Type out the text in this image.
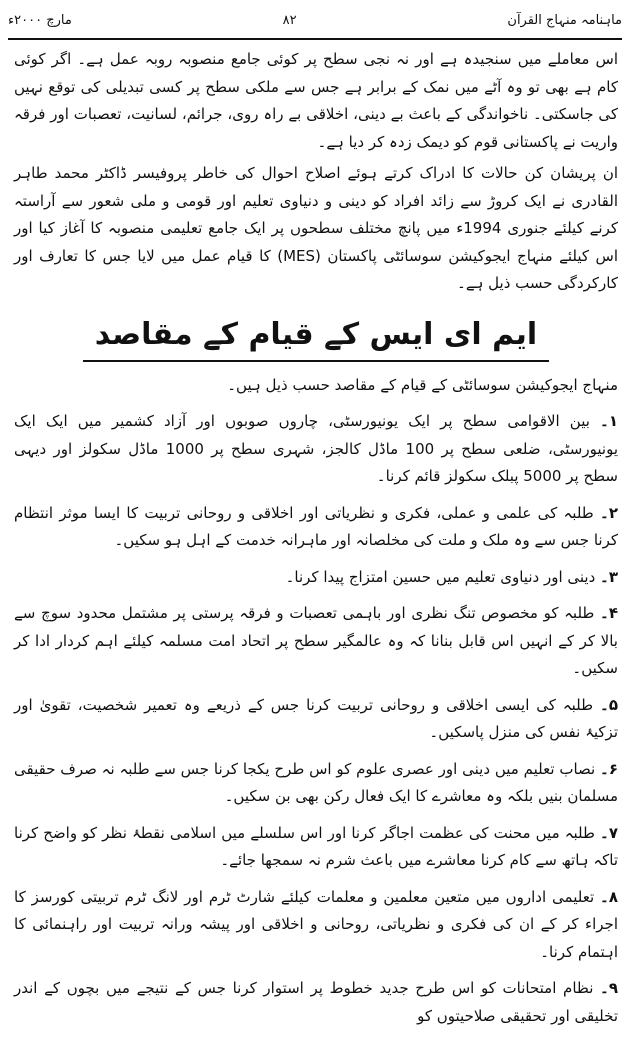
مارچ ۲۰۰۰ء	۸۲	ماہنامہ منہاج القرآن

اس معاملے میں سنجیدہ ہے اور نہ نجی سطح پر کوئی جامع منصوبہ روبہ عمل ہے۔ اگر کوئی کام ہے بھی تو وہ آٹے میں نمک کے برابر ہے جس سے ملکی سطح پر کسی تبدیلی کی توقع نہیں کی جاسکتی۔ ناخواندگی کے باعث بے دینی، اخلاقی بے راہ روی، جرائم، لسانیت، تعصبات اور فرقہ واریت نے پاکستانی قوم کو دیمک زدہ کر دیا ہے۔

ان پریشان کن حالات کا ادراک کرتے ہوئے اصلاح احوال کی خاطر پروفیسر ڈاکٹر محمد طاہر القادری نے ایک کروڑ سے زائد افراد کو دینی و دنیاوی تعلیم اور قومی و ملی شعور سے آراستہ کرنے کیلئے جنوری 1994ء میں پانچ مختلف سطحوں پر ایک جامع تعلیمی منصوبہ کا آغاز کیا اور اس کیلئے منہاج ایجوکیشن سوسائٹی پاکستان (MES) کا قیام عمل میں لایا جس کا تعارف اور کارکردگی حسب ذیل ہے۔

ایم ای ایس کے قیام کے مقاصد

منہاج ایجوکیشن سوسائٹی کے قیام کے مقاصد حسب ذیل ہیں۔

۱۔ بین الاقوامی سطح پر ایک یونیورسٹی، چاروں صوبوں اور آزاد کشمیر میں ایک ایک یونیورسٹی، ضلعی سطح پر 100 ماڈل کالجز، شہری سطح پر 1000 ماڈل سکولز اور دیہی سطح پر 5000 پبلک سکولز قائم کرنا۔

۲۔ طلبہ کی علمی و عملی، فکری و نظریاتی اور اخلاقی و روحانی تربیت کا ایسا موثر انتظام کرنا جس سے وہ ملک و ملت کی مخلصانہ اور ماہرانہ خدمت کے اہل ہو سکیں۔

۳۔ دینی اور دنیاوی تعلیم میں حسین امتزاج پیدا کرنا۔

۴۔ طلبہ کو مخصوص تنگ نظری اور باہمی تعصبات و فرقہ پرستی پر مشتمل محدود سوچ سے بالا کر کے انہیں اس قابل بنانا کہ وہ عالمگیر سطح پر اتحاد امت مسلمہ کیلئے اہم کردار ادا کر سکیں۔

۵۔ طلبہ کی ایسی اخلاقی و روحانی تربیت کرنا جس کے ذریعے وہ تعمیر شخصیت، تقویٰ اور تزکیۂ نفس کی منزل پاسکیں۔

۶۔ نصاب تعلیم میں دینی اور عصری علوم کو اس طرح یکجا کرنا جس سے طلبہ نہ صرف حقیقی مسلمان بنیں بلکہ وہ معاشرے کا ایک فعال رکن بھی بن سکیں۔

۷۔ طلبہ میں محنت کی عظمت اجاگر کرنا اور اس سلسلے میں اسلامی نقطۂ نظر کو واضح کرنا تاکہ ہاتھ سے کام کرنا معاشرے میں باعث شرم نہ سمجھا جائے۔

۸۔ تعلیمی اداروں میں متعین معلمین و معلمات کیلئے شارٹ ٹرم اور لانگ ٹرم تربیتی کورسز کا اجراء کر کے ان کی فکری و نظریاتی، روحانی و اخلاقی اور پیشہ ورانہ تربیت اور راہنمائی کا اہتمام کرنا۔

۹۔ نظام امتحانات کو اس طرح جدید خطوط پر استوار کرنا جس کے نتیجے میں بچوں کے اندر تخلیقی اور تحقیقی صلاحیتوں کو
